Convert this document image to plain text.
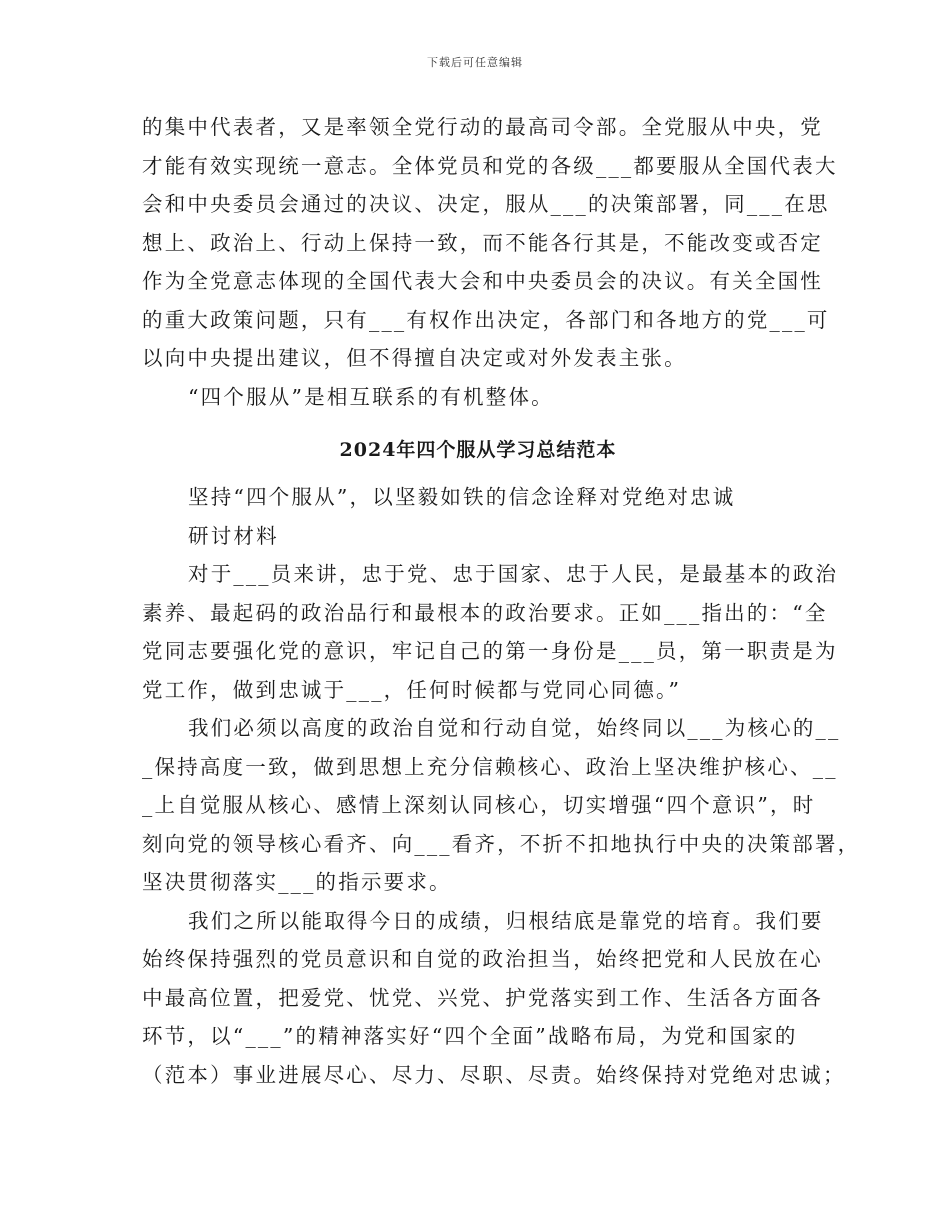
下载后可任意编辑
的集中代表者，又是率领全党行动的最高司令部。全党服从中央，党
才能有效实现统一意志。全体党员和党的各级___都要服从全国代表大
会和中央委员会通过的决议、决定，服从___的决策部署，同___在思
想上、政治上、行动上保持一致，而不能各行其是，不能改变或否定
作为全党意志体现的全国代表大会和中央委员会的决议。有关全国性
的重大政策问题，只有___有权作出决定，各部门和各地方的党___可
以向中央提出建议，但不得擅自决定或对外发表主张。
“四个服从”是相互联系的有机整体。
2024年四个服从学习总结范本
坚持“四个服从”，以坚毅如铁的信念诠释对党绝对忠诚
研讨材料
对于___员来讲，忠于党、忠于国家、忠于人民，是最基本的政治
素养、最起码的政治品行和最根本的政治要求。正如___指出的：“全
党同志要强化党的意识，牢记自己的第一身份是___员，第一职责是为
党工作，做到忠诚于___，任何时候都与党同心同德。”
我们必须以高度的政治自觉和行动自觉，始终同以___为核心的__
_保持高度一致，做到思想上充分信赖核心、政治上坚决维护核心、__
_上自觉服从核心、感情上深刻认同核心，切实增强“四个意识”，时
刻向党的领导核心看齐、向___看齐，不折不扣地执行中央的决策部署，
坚决贯彻落实___的指示要求。
我们之所以能取得今日的成绩，归根结底是靠党的培育。我们要
始终保持强烈的党员意识和自觉的政治担当，始终把党和人民放在心
中最高位置，把爱党、忧党、兴党、护党落实到工作、生活各方面各
环节，以“___”的精神落实好“四个全面”战略布局，为党和国家的
（范本）事业进展尽心、尽力、尽职、尽责。始终保持对党绝对忠诚；
